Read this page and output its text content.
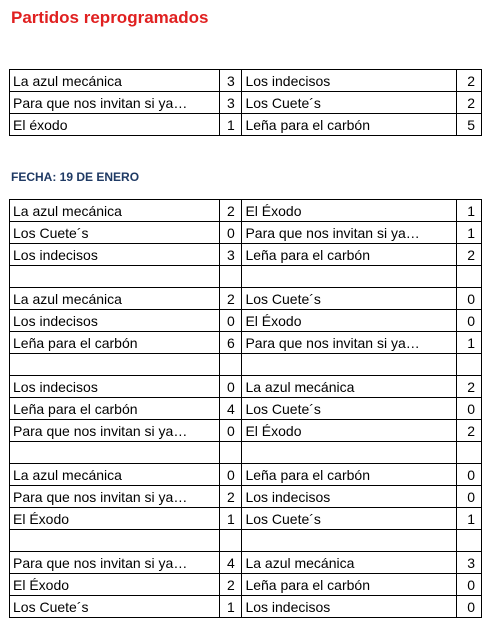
Partidos reprogramados
La azul mecánica	3	Los indecisos	2
Para que nos invitan si ya…	3	Los Cuete´s	2
El éxodo	1	Leña para el carbón	5
FECHA: 19 DE ENERO
La azul mecánica	2	El Éxodo	1
Los Cuete´s	0	Para que nos invitan si ya…	1
Los indecisos	3	Leña para el carbón	2

La azul mecánica	2	Los Cuete´s	0
Los indecisos	0	El Éxodo	0
Leña para el carbón	6	Para que nos invitan si ya…	1

Los indecisos	0	La azul mecánica	2
Leña para el carbón	4	Los Cuete´s	0
Para que nos invitan si ya…	0	El Éxodo	2

La azul mecánica	0	Leña para el carbón	0
Para que nos invitan si ya…	2	Los indecisos	0
El Éxodo	1	Los Cuete´s	1

Para que nos invitan si ya…	4	La azul mecánica	3
El Éxodo	2	Leña para el carbón	0
Los Cuete´s	1	Los indecisos	0
